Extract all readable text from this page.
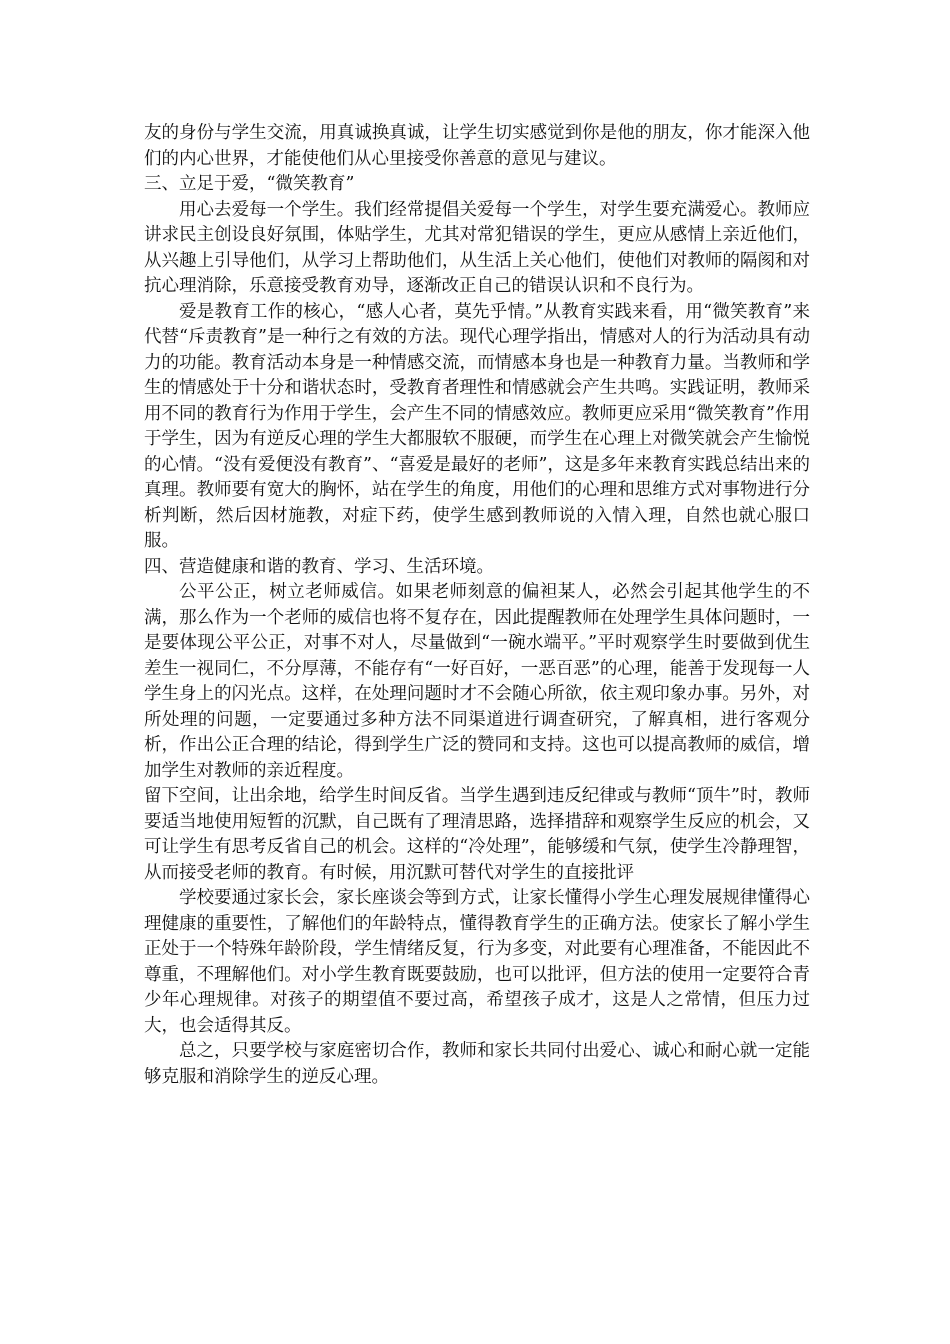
友的身份与学生交流，用真诚换真诚，让学生切实感觉到你是他的朋友，你才能深入他们的内心世界，才能使他们从心里接受你善意的意见与建议。

三、立足于爱，“微笑教育”

用心去爱每一个学生。我们经常提倡关爱每一个学生，对学生要充满爱心。教师应讲求民主创设良好氛围，体贴学生，尤其对常犯错误的学生，更应从感情上亲近他们，从兴趣上引导他们，从学习上帮助他们，从生活上关心他们，使他们对教师的隔阂和对抗心理消除，乐意接受教育劝导，逐渐改正自己的错误认识和不良行为。

爱是教育工作的核心，“感人心者，莫先乎情。”从教育实践来看，用“微笑教育”来代替“斥责教育”是一种行之有效的方法。现代心理学指出，情感对人的行为活动具有动力的功能。教育活动本身是一种情感交流，而情感本身也是一种教育力量。当教师和学生的情感处于十分和谐状态时，受教育者理性和情感就会产生共鸣。实践证明，教师采用不同的教育行为作用于学生，会产生不同的情感效应。教师更应采用“微笑教育”作用于学生，因为有逆反心理的学生大都服软不服硬，而学生在心理上对微笑就会产生愉悦的心情。“没有爱便没有教育”、“喜爱是最好的老师”，这是多年来教育实践总结出来的真理。教师要有宽大的胸怀，站在学生的角度，用他们的心理和思维方式对事物进行分析判断，然后因材施教，对症下药，使学生感到教师说的入情入理，自然也就心服口服。

四、营造健康和谐的教育、学习、生活环境。

公平公正，树立老师威信。如果老师刻意的偏袒某人，必然会引起其他学生的不满，那么作为一个老师的威信也将不复存在，因此提醒教师在处理学生具体问题时，一是要体现公平公正，对事不对人，尽量做到“一碗水端平。”平时观察学生时要做到优生差生一视同仁，不分厚薄，不能存有“一好百好，一恶百恶”的心理，能善于发现每一人学生身上的闪光点。这样，在处理问题时才不会随心所欲，依主观印象办事。另外，对所处理的问题，一定要通过多种方法不同渠道进行调查研究，了解真相，进行客观分析，作出公正合理的结论，得到学生广泛的赞同和支持。这也可以提高教师的威信，增加学生对教师的亲近程度。

留下空间，让出余地，给学生时间反省。当学生遇到违反纪律或与教师“顶牛”时，教师要适当地使用短暂的沉默，自己既有了理清思路，选择措辞和观察学生反应的机会，又可让学生有思考反省自己的机会。这样的“冷处理”，能够缓和气氛，使学生冷静理智，从而接受老师的教育。有时候，用沉默可替代对学生的直接批评

学校要通过家长会，家长座谈会等到方式，让家长懂得小学生心理发展规律懂得心理健康的重要性，了解他们的年龄特点，懂得教育学生的正确方法。使家长了解小学生正处于一个特殊年龄阶段，学生情绪反复，行为多变，对此要有心理准备，不能因此不尊重，不理解他们。对小学生教育既要鼓励，也可以批评，但方法的使用一定要符合青少年心理规律。对孩子的期望值不要过高，希望孩子成才，这是人之常情，但压力过大，也会适得其反。

总之，只要学校与家庭密切合作，教师和家长共同付出爱心、诚心和耐心就一定能够克服和消除学生的逆反心理。
